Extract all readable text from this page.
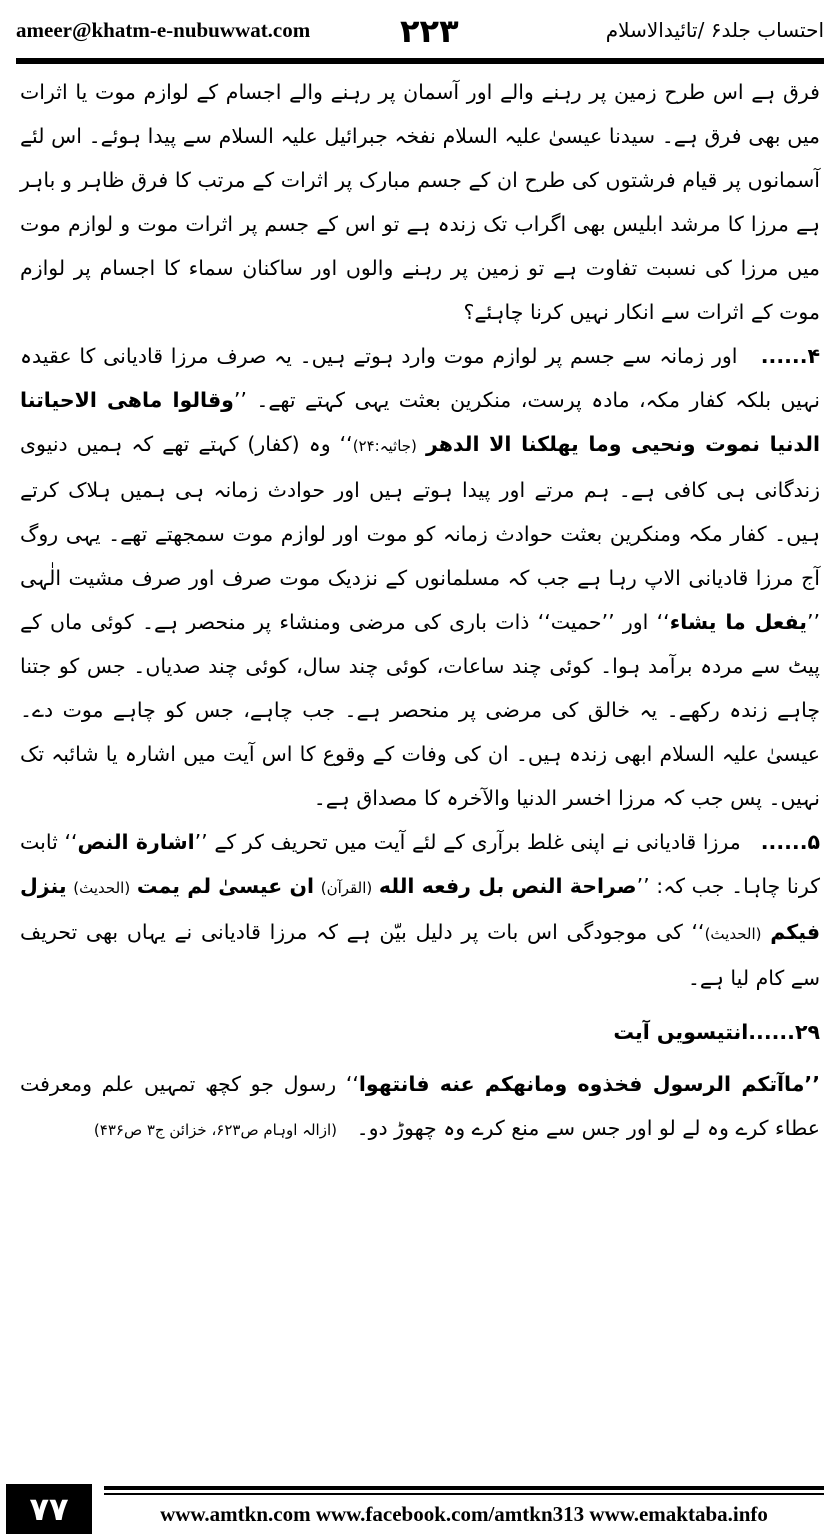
ameer@khatm-e-nubuwwat.com	۲۲۳	احتساب جلد۶ /تائیدالاسلام

فرق ہے اس طرح زمین پر رہنے والے اور آسمان پر رہنے والے اجسام کے لوازم موت یا اثرات میں بھی فرق ہے۔ سیدنا عیسیٰ علیہ السلام نفخہ جبرائیل علیہ السلام سے پیدا ہوئے۔ اس لئے آسمانوں پر قیام فرشتوں کی طرح ان کے جسم مبارک پر اثرات کے مرتب کا فرق ظاہر و باہر ہے مرزا کا مرشد ابلیس بھی اگراب تک زندہ ہے تو اس کے جسم پر اثرات موت و لوازم موت میں مرزا کی نسبت تفاوت ہے تو زمین پر رہنے والوں اور ساکنان سماء کا اجسام پر لوازم موت کے اثرات سے انکار نہیں کرنا چاہئے؟

۴......   اور زمانہ سے جسم پر لوازم موت وارد ہوتے ہیں۔ یہ صرف مرزا قادیانی کا عقیدہ نہیں بلکہ کفار مکہ، مادہ پرست، منکرین بعثت یہی کہتے تھے۔ ’’وقالوا ماهى الاحياتنا الدنيا نموت ونحيى وما يهلكنا الا الدهر (جاثیہ:۲۴)‘‘ وہ (کفار) کہتے تھے کہ ہمیں دنیوی زندگانی ہی کافی ہے۔ ہم مرتے اور پیدا ہوتے ہیں اور حوادث زمانہ ہی ہمیں ہلاک کرتے ہیں۔ کفار مکہ ومنکرین بعثت حوادث زمانہ کو موت اور لوازم موت سمجھتے تھے۔ یہی روگ آج مرزا قادیانی الاپ رہا ہے جب کہ مسلمانوں کے نزدیک موت صرف اور صرف مشیت الٰہی ’’یفعل ما یشاء‘‘ اور ’’حمیت‘‘ ذات باری کی مرضی ومنشاء پر منحصر ہے۔ کوئی ماں کے پیٹ سے مردہ برآمد ہوا۔ کوئی چند ساعات، کوئی چند سال، کوئی چند صدیاں۔ جس کو جتنا چاہے زندہ رکھے۔ یہ خالق کی مرضی پر منحصر ہے۔ جب چاہے، جس کو چاہے موت دے۔ عیسیٰ علیہ السلام ابھی زندہ ہیں۔ ان کی وفات کے وقوع کا اس آیت میں اشارہ یا شائبہ تک نہیں۔ پس جب کہ مرزا اخسر الدنیا والآخرہ کا مصداق ہے۔

۵......   مرزا قادیانی نے اپنی غلط برآری کے لئے آیت میں تحریف کر کے ’’اشارة النص‘‘ ثابت کرنا چاہا۔ جب کہ: ’’صراحة النص بل رفعه الله (القرآن) ان عیسیٰ لم یمت (الحدیث) ینزل فیکم (الحدیث)‘‘ کی موجودگی اس بات پر دلیل بیّن ہے کہ مرزا قادیانی نے یہاں بھی تحریف سے کام لیا ہے۔

۲۹......انتیسویں آیت

’’ماآتکم الرسول فخذوه ومانهكم عنه فانتهوا‘‘ رسول جو کچھ تمہیں علم ومعرفت عطاء کرے وہ لے لو اور جس سے منع کرے وہ چھوڑ دو۔   (ازالہ اوہام ص۶۲۳، خزائن ج۳ ص۴۳۶)

۷۷	www.amtkn.com www.facebook.com/amtkn313 www.emaktaba.info
